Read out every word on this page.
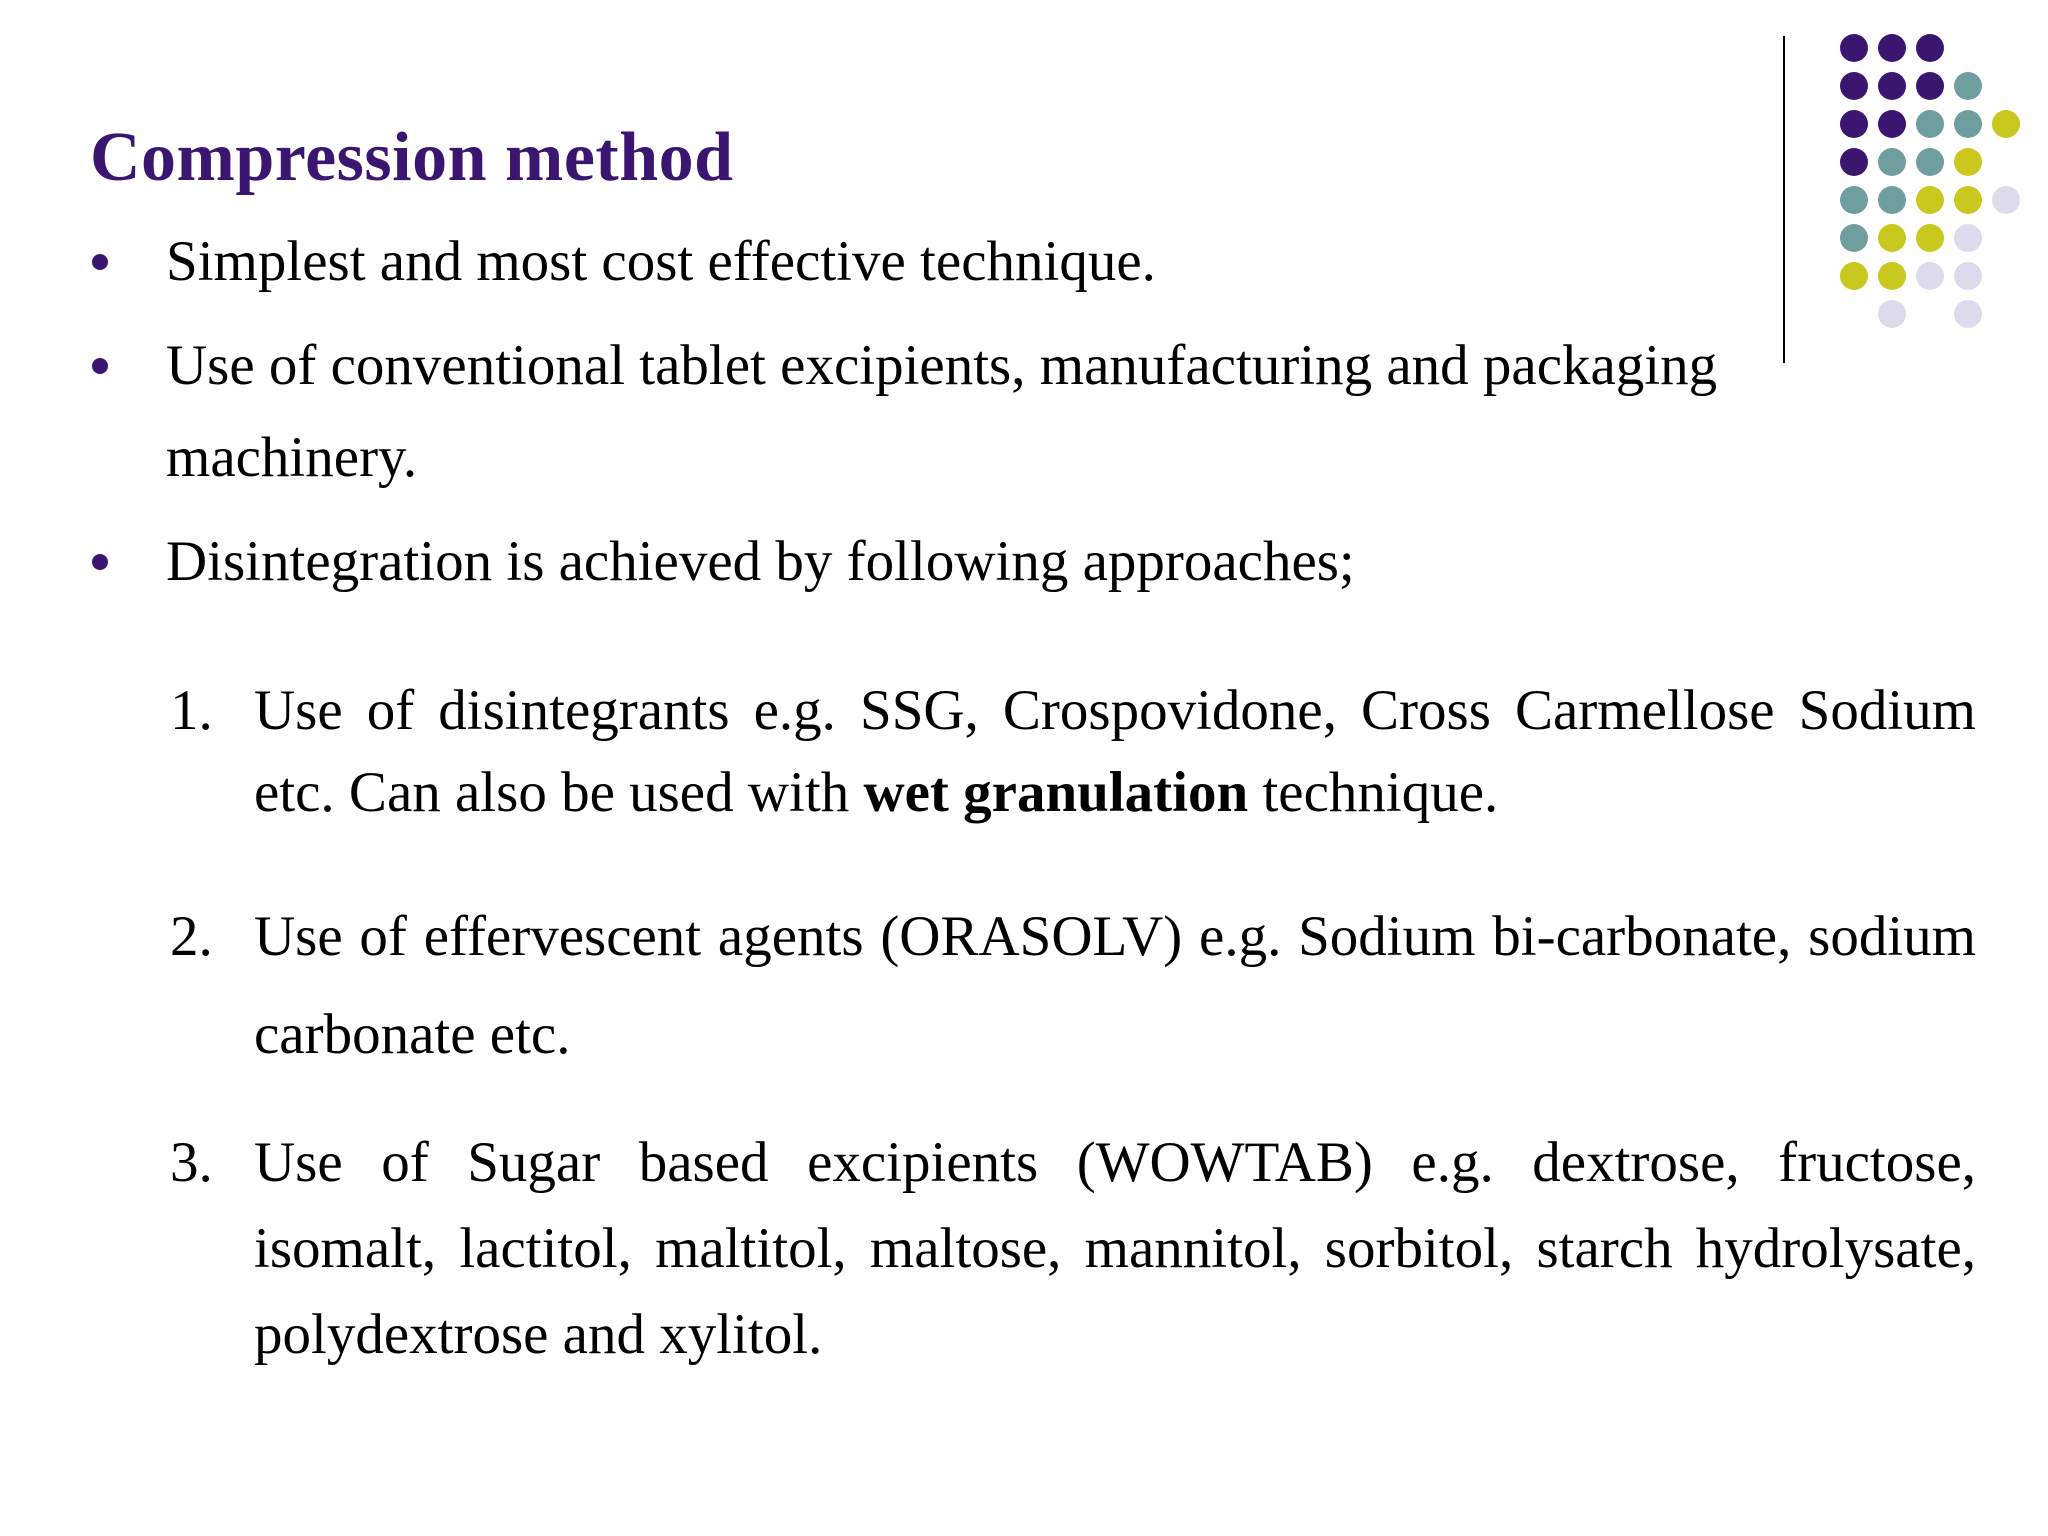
Compression method
Simplest and most cost effective technique.
Use of conventional tablet excipients, manufacturing and packaging machinery.
Disintegration is achieved by following approaches;
1. Use of disintegrants e.g. SSG, Crospovidone, Cross Carmellose Sodium etc. Can also be used with wet granulation technique.
2. Use of effervescent agents (ORASOLV) e.g. Sodium bi-carbonate, sodium carbonate etc.
3. Use of Sugar based excipients (WOWTAB) e.g. dextrose, fructose, isomalt, lactitol, maltitol, maltose, mannitol, sorbitol, starch hydrolysate, polydextrose and xylitol.
